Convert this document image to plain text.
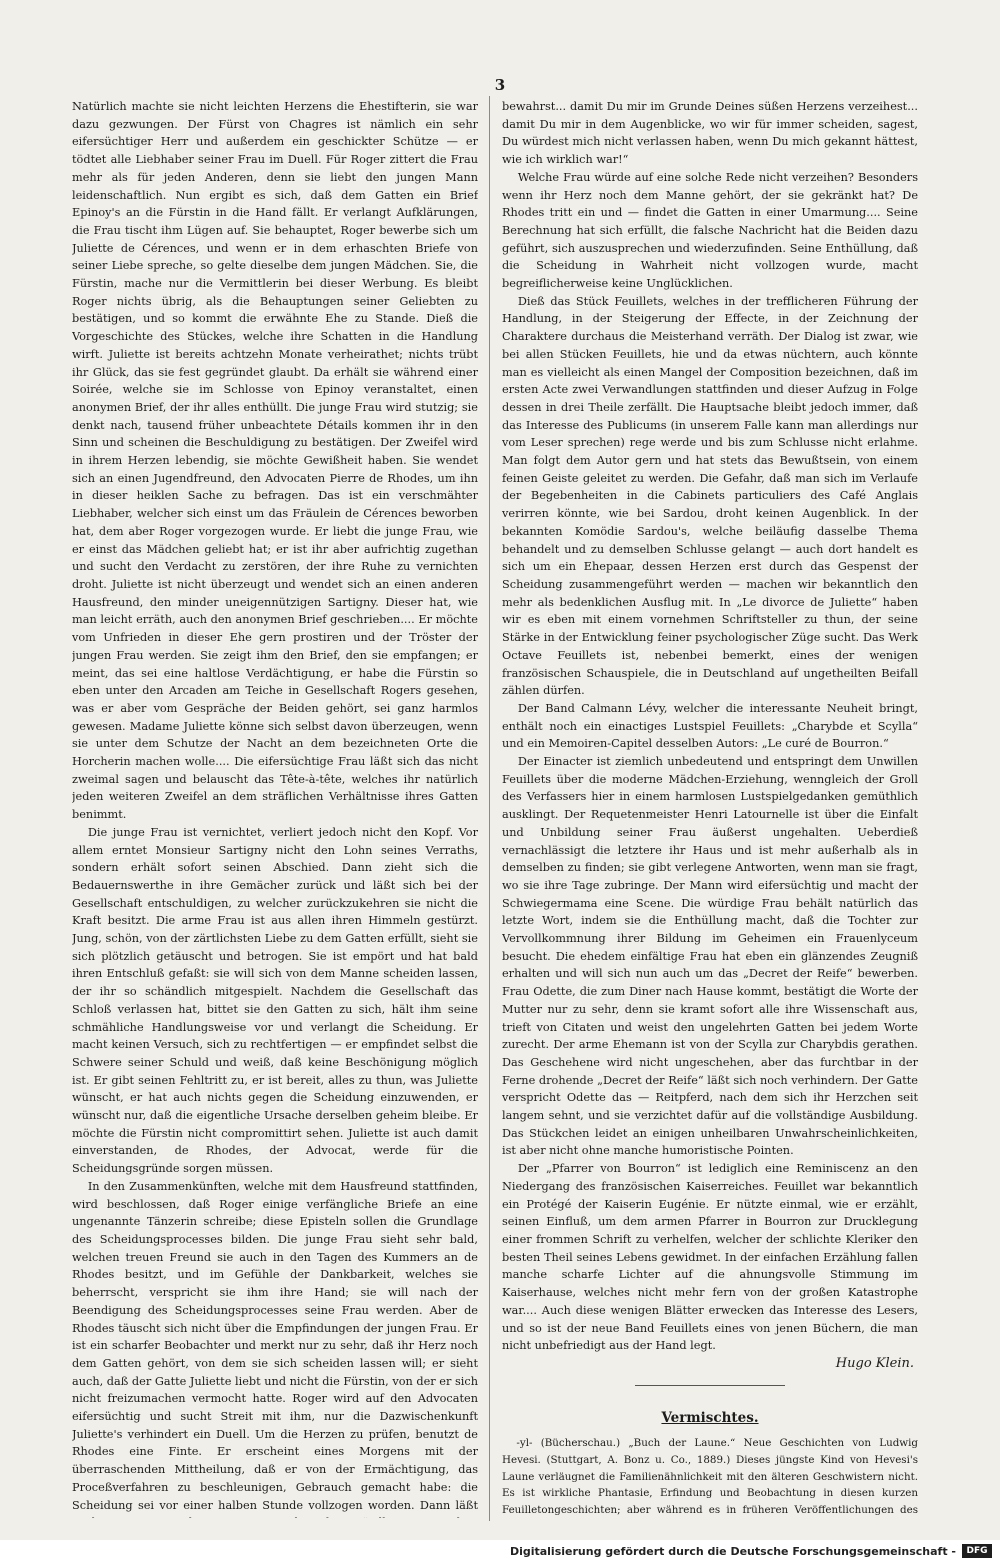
3

Natürlich machte sie nicht leichten Herzens die Ehestifterin, sie war dazu gezwungen. Der Fürst von Chagres ist nämlich ein sehr eifersüchtiger Herr und außerdem ein geschickter Schütze — er tödtet alle Liebhaber seiner Frau im Duell. Für Roger zittert die Frau mehr als für jeden Anderen, denn sie liebt den jungen Mann leidenschaftlich. Nun ergibt es sich, daß dem Gatten ein Brief Epinoy's an die Fürstin in die Hand fällt. Er verlangt Aufklärungen, die Frau tischt ihm Lügen auf. Sie behauptet, Roger bewerbe sich um Juliette de Cérences, und wenn er in dem erhaschten Briefe von seiner Liebe spreche, so gelte dieselbe dem jungen Mädchen. Sie, die Fürstin, mache nur die Vermittlerin bei dieser Werbung. Es bleibt Roger nichts übrig, als die Behauptungen seiner Geliebten zu bestätigen, und so kommt die erwähnte Ehe zu Stande. Dieß die Vorgeschichte des Stückes, welche ihre Schatten in die Handlung wirft. Juliette ist bereits achtzehn Monate verheirathet; nichts trübt ihr Glück, das sie fest gegründet glaubt. Da erhält sie während einer Soirée, welche sie im Schlosse von Epinoy veranstaltet, einen anonymen Brief, der ihr alles enthüllt. Die junge Frau wird stutzig; sie denkt nach, tausend früher unbeachtete Détails kommen ihr in den Sinn und scheinen die Beschuldigung zu bestätigen. Der Zweifel wird in ihrem Herzen lebendig, sie möchte Gewißheit haben. Sie wendet sich an einen Jugendfreund, den Advocaten Pierre de Rhodes, um ihn in dieser heiklen Sache zu befragen. Das ist ein verschmähter Liebhaber, welcher sich einst um das Fräulein de Cérences beworben hat, dem aber Roger vorgezogen wurde. Er liebt die junge Frau, wie er einst das Mädchen geliebt hat; er ist ihr aber aufrichtig zugethan und sucht den Verdacht zu zerstören, der ihre Ruhe zu vernichten droht. Juliette ist nicht überzeugt und wendet sich an einen anderen Hausfreund, den minder uneigennützigen Sartigny. Dieser hat, wie man leicht erräth, auch den anonymen Brief geschrieben.... Er möchte vom Unfrieden in dieser Ehe gern prostiren und der Tröster der jungen Frau werden. Sie zeigt ihm den Brief, den sie empfangen; er meint, das sei eine haltlose Verdächtigung, er habe die Fürstin so eben unter den Arcaden am Teiche in Gesellschaft Rogers gesehen, was er aber vom Gespräche der Beiden gehört, sei ganz harmlos gewesen. Madame Juliette könne sich selbst davon überzeugen, wenn sie unter dem Schutze der Nacht an dem bezeichneten Orte die Horcherin machen wolle.... Die eifersüchtige Frau läßt sich das nicht zweimal sagen und belauscht das Tête-à-tête, welches ihr natürlich jeden weiteren Zweifel an dem sträflichen Verhältnisse ihres Gatten benimmt.

Die junge Frau ist vernichtet, verliert jedoch nicht den Kopf. Vor allem erntet Monsieur Sartigny nicht den Lohn seines Verraths, sondern erhält sofort seinen Abschied. Dann zieht sich die Bedauernswerthe in ihre Gemächer zurück und läßt sich bei der Gesellschaft entschuldigen, zu welcher zurückzukehren sie nicht die Kraft besitzt. Die arme Frau ist aus allen ihren Himmeln gestürzt. Jung, schön, von der zärtlichsten Liebe zu dem Gatten erfüllt, sieht sie sich plötzlich getäuscht und betrogen. Sie ist empört und hat bald ihren Entschluß gefaßt: sie will sich von dem Manne scheiden lassen, der ihr so schändlich mitgespielt. Nachdem die Gesellschaft das Schloß verlassen hat, bittet sie den Gatten zu sich, hält ihm seine schmähliche Handlungsweise vor und verlangt die Scheidung. Er macht keinen Versuch, sich zu rechtfertigen — er empfindet selbst die Schwere seiner Schuld und weiß, daß keine Beschönigung möglich ist. Er gibt seinen Fehltritt zu, er ist bereit, alles zu thun, was Juliette wünscht, er hat auch nichts gegen die Scheidung einzuwenden, er wünscht nur, daß die eigentliche Ursache derselben geheim bleibe. Er möchte die Fürstin nicht compromittirt sehen. Juliette ist auch damit einverstanden, de Rhodes, der Advocat, werde für die Scheidungsgründe sorgen müssen.

In den Zusammenkünften, welche mit dem Hausfreund stattfinden, wird beschlossen, daß Roger einige verfängliche Briefe an eine ungenannte Tänzerin schreibe; diese Episteln sollen die Grundlage des Scheidungsprocesses bilden. Die junge Frau sieht sehr bald, welchen treuen Freund sie auch in den Tagen des Kummers an de Rhodes besitzt, und im Gefühle der Dankbarkeit, welches sie beherrscht, verspricht sie ihm ihre Hand; sie will nach der Beendigung des Scheidungsprocesses seine Frau werden. Aber de Rhodes täuscht sich nicht über die Empfindungen der jungen Frau. Er ist ein scharfer Beobachter und merkt nur zu sehr, daß ihr Herz noch dem Gatten gehört, von dem sie sich scheiden lassen will; er sieht auch, daß der Gatte Juliette liebt und nicht die Fürstin, von der er sich nicht freizumachen vermocht hatte. Roger wird auf den Advocaten eifersüchtig und sucht Streit mit ihm, nur die Dazwischenkunft Juliette's verhindert ein Duell. Um die Herzen zu prüfen, benutzt de Rhodes eine Finte. Er erscheint eines Morgens mit der überraschenden Mittheilung, daß er von der Ermächtigung, das Proceßverfahren zu beschleunigen, Gebrauch gemacht habe: die Scheidung sei vor einer halben Stunde vollzogen worden. Dann läßt

bewahrst... damit Du mir im Grunde Deines süßen Herzens verzeihest... damit Du mir in dem Augenblicke, wo wir für immer scheiden, sagest, Du würdest mich nicht verlassen haben, wenn Du mich gekannt hättest, wie ich wirklich war!“

Welche Frau würde auf eine solche Rede nicht verzeihen? Besonders wenn ihr Herz noch dem Manne gehört, der sie gekränkt hat? De Rhodes tritt ein und — findet die Gatten in einer Umarmung.... Seine Berechnung hat sich erfüllt, die falsche Nachricht hat die Beiden dazu geführt, sich auszusprechen und wiederzufinden. Seine Enthüllung, daß die Scheidung in Wahrheit nicht vollzogen wurde, macht begreiflicherweise keine Unglücklichen.

Dieß das Stück Feuillets, welches in der trefflicheren Führung der Handlung, in der Steigerung der Effecte, in der Zeichnung der Charaktere durchaus die Meisterhand verräth. Der Dialog ist zwar, wie bei allen Stücken Feuillets, hie und da etwas nüchtern, auch könnte man es vielleicht als einen Mangel der Composition bezeichnen, daß im ersten Acte zwei Verwandlungen stattfinden und dieser Aufzug in Folge dessen in drei Theile zerfällt. Die Hauptsache bleibt jedoch immer, daß das Interesse des Publicums (in unserem Falle kann man allerdings nur vom Leser sprechen) rege werde und bis zum Schlusse nicht erlahme. Man folgt dem Autor gern und hat stets das Bewußtsein, von einem feinen Geiste geleitet zu werden. Die Gefahr, daß man sich im Verlaufe der Begebenheiten in die Cabinets particuliers des Café Anglais verirren könnte, wie bei Sardou, droht keinen Augenblick. In der bekannten Komödie Sardou's, welche beiläufig dasselbe Thema behandelt und zu demselben Schlusse gelangt — auch dort handelt es sich um ein Ehepaar, dessen Herzen erst durch das Gespenst der Scheidung zusammengeführt werden — machen wir bekanntlich den mehr als bedenklichen Ausflug mit. In „Le divorce de Juliette“ haben wir es eben mit einem vornehmen Schriftsteller zu thun, der seine Stärke in der Entwicklung feiner psychologischer Züge sucht. Das Werk Octave Feuillets ist, nebenbei bemerkt, eines der wenigen französischen Schauspiele, die in Deutschland auf ungetheilten Beifall zählen dürfen.

Der Band Calmann Lévy, welcher die interessante Neuheit bringt, enthält noch ein einactiges Lustspiel Feuillets: „Charybde et Scylla“ und ein Memoiren-Capitel desselben Autors: „Le curé de Bourron.“

Der Einacter ist ziemlich unbedeutend und entspringt dem Unwillen Feuillets über die moderne Mädchen-Erziehung, wenngleich der Groll des Verfassers hier in einem harmlosen Lustspielgedanken gemüthlich ausklingt. Der Requetenmeister Henri Latournelle ist über die Einfalt und Unbildung seiner Frau äußerst ungehalten. Ueberdieß vernachlässigt die letztere ihr Haus und ist mehr außerhalb als in demselben zu finden; sie gibt verlegene Antworten, wenn man sie fragt, wo sie ihre Tage zubringe. Der Mann wird eifersüchtig und macht der Schwiegermama eine Scene. Die würdige Frau behält natürlich das letzte Wort, indem sie die Enthüllung macht, daß die Tochter zur Vervollkommnung ihrer Bildung im Geheimen ein Frauenlyceum besucht. Die ehedem einfältige Frau hat eben ein glänzendes Zeugniß erhalten und will sich nun auch um das „Decret der Reife“ bewerben. Frau Odette, die zum Diner nach Hause kommt, bestätigt die Worte der Mutter nur zu sehr, denn sie kramt sofort alle ihre Wissenschaft aus, trieft von Citaten und weist den ungelehrten Gatten bei jedem Worte zurecht. Der arme Ehemann ist von der Scylla zur Charybdis gerathen. Das Geschehene wird nicht ungeschehen, aber das furchtbar in der Ferne drohende „Decret der Reife“ läßt sich noch verhindern. Der Gatte verspricht Odette das — Reitpferd, nach dem sich ihr Herzchen seit langem sehnt, und sie verzichtet dafür auf die vollständige Ausbildung. Das Stückchen leidet an einigen unheilbaren Unwahrscheinlichkeiten, ist aber nicht ohne manche humoristische Pointen.

Der „Pfarrer von Bourron“ ist lediglich eine Reminiscenz an den Niedergang des französischen Kaiserreiches. Feuillet war bekanntlich ein Protégé der Kaiserin Eugénie. Er nützte einmal, wie er erzählt, seinen Einfluß, um dem armen Pfarrer in Bourron zur Drucklegung einer frommen Schrift zu verhelfen, welcher der schlichte Kleriker den besten Theil seines Lebens gewidmet. In der einfachen Erzählung fallen manche scharfe Lichter auf die ahnungsvolle Stimmung im Kaiserhause, welches nicht mehr fern von der großen Katastrophe war.... Auch diese wenigen Blätter erwecken das Interesse des Lesers, und so ist der neue Band Feuillets eines von jenen Büchern, die man nicht unbefriedigt aus der Hand legt.

Hugo Klein.
Vermischtes.

-yl- (Bücherschau.) „Buch der Laune.“ Neue Geschichten von Ludwig Hevesi. (Stuttgart, A. Bonz u. Co., 1889.) Dieses jüngste Kind von Hevesi's Laune verläugnet die Familienähnlichkeit mit den älteren Geschwistern nicht. Es ist wirkliche Phantasie, Erfindung und Beobachtung in diesen kurzen Feuilletongeschichten; aber während es in früheren Veröffentlichungen des

Digitalisierung gefördert durch die Deutsche Forschungsgemeinschaft -	DFG
